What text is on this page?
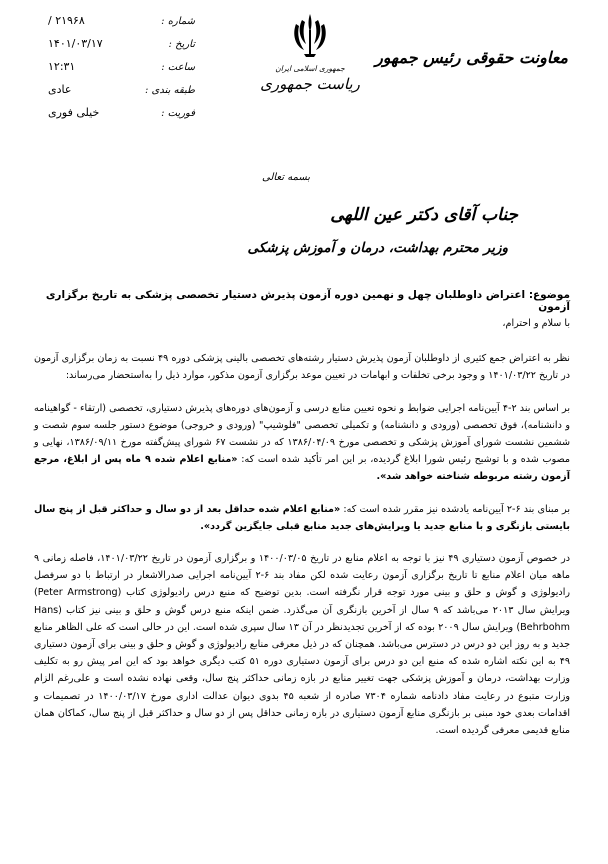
شماره :
۲۱۹۶۸ /
تاریخ :
۱۴۰۱/۰۳/۱۷
ساعت :
۱۲:۳۱
طبقه بندی :
عادی
فوریت :
خیلی فوری
جمهوری اسلامی ایران
ریاست جمهوری
معاونت حقوقی رئیس جمهور
بسمه تعالی
جناب آقای دکتر عین اللهی
وزیر محترم بهداشت، درمان و آموزش پزشکی
موضوع: اعتراض داوطلبان چهل و نهمین دوره آزمون پذیرش دستیار تخصصی پزشکی به تاریخ برگزاری آزمون

با سلام و احترام،

نظر به اعتراض جمع کثیری از داوطلبان آزمون پذیرش دستیار رشته‌های تخصصی بالینی پزشکی دوره ۴۹ نسبت به زمان برگزاری آزمون در تاریخ ۱۴۰۱/۰۳/۲۲ و وجود برخی تخلفات و ابهامات در تعیین موعد برگزاری آزمون مذکور، موارد ذیل را به‌استحضار می‌رساند:

بر اساس بند ۲-۴ آیین‌نامه اجرایی ضوابط و نحوه تعیین منابع درسی و آزمون‌های دوره‌های پذیرش دستیاری، تخصصی (ارتقاء - گواهینامه و دانشنامه)، فوق تخصصی (ورودی و دانشنامه) و تکمیلی تخصصی "فلوشیپ" (ورودی و خروجی) موضوع دستور جلسه سوم شصت و ششمین نشست شورای آموزش پزشکی و تخصصی مورخ ۱۳۸۶/۰۴/۰۹ که در نشست ۶۷ شورای پیش‌گفته مورخ ۱۳۸۶/۰۹/۱۱، نهایی و مصوب شده و با توشیح رئیس شورا ابلاغ گردیده، بر این امر تأکید شده است که: «منابع اعلام شده ۹ ماه پس از ابلاغ، مرجع آزمون رشته مربوطه شناخته خواهد شد».

بر مبنای بند ۶-۲ آیین‌نامه یادشده نیز مقرر شده است که: «منابع اعلام شده حداقل بعد از دو سال و حداکثر قبل از پنج سال بایستی بازنگری و با منابع جدید یا ویرایش‌های جدید منابع قبلی جایگزین گردد».

در خصوص آزمون دستیاری ۴۹ نیز با توجه به اعلام منابع در تاریخ ۱۴۰۰/۰۳/۰۵ و برگزاری آزمون در تاریخ ۱۴۰۱/۰۳/۲۲، فاصله زمانی ۹ ماهه میان اعلام منابع تا تاریخ برگزاری آزمون رعایت شده لکن مفاد بند ۶-۲ آیین‌نامه اجرایی صدرالاشعار در ارتباط با دو سرفصل رادیولوژی و گوش و حلق و بینی مورد توجه قرار نگرفته است. بدین توضیح که منبع درس رادیولوژی کتاب (Peter Armstrong) ویرایش سال ۲۰۱۳ می‌باشد که ۹ سال از آخرین بازنگری آن می‌گذرد. ضمن اینکه منبع درس گوش و حلق و بینی نیز کتاب (Hans Behrbohm) ویرایش سال ۲۰۰۹ بوده که از آخرین تجدیدنظر در آن ۱۳ سال سپری شده است. این در حالی است که علی الظاهر منابع جدید و به روز این دو درس در دسترس می‌باشد. همچنان که در ذیل معرفی منابع رادیولوژی و گوش و حلق و بینی برای آزمون دستیاری ۴۹ به این نکته اشاره شده که منبع این دو درس برای آزمون دستیاری دوره ۵۱ کتب دیگری خواهد بود که این امر پیش رو به تکلیف وزارت بهداشت، درمان و آموزش پزشکی جهت تغییر منابع در بازه زمانی حداکثر پنج سال، وقعی نهاده نشده است و علی‌رغم الزام وزارت متبوع در رعایت مفاد دادنامه شماره ۷۳۰۴ صادره از شعبه ۴۵ بدوی دیوان عدالت اداری مورخ ۱۴۰۰/۰۳/۱۷ در تصمیمات و اقدامات بعدی خود مبنی بر بازنگری منابع آزمون دستیاری در بازه زمانی حداقل پس از دو سال و حداکثر قبل از پنج سال، کماکان همان منابع قدیمی معرفی گردیده است.
